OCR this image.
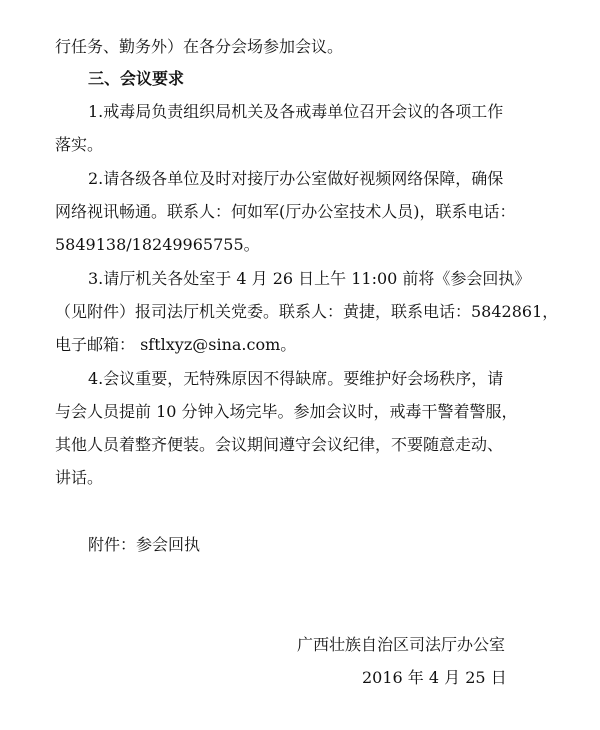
行任务、勤务外）在各分会场参加会议。
三、会议要求
1.戒毒局负责组织局机关及各戒毒单位召开会议的各项工作
落实。
2.请各级各单位及时对接厅办公室做好视频网络保障，确保
网络视讯畅通。联系人：何如军(厅办公室技术人员)，联系电话：
5849138/18249965755。
3.请厅机关各处室于 4 月 26 日上午 11:00 前将《参会回执》
（见附件）报司法厅机关党委。联系人：黄捷，联系电话：5842861，
电子邮箱： sftlxyz@sina.com。
4.会议重要，无特殊原因不得缺席。要维护好会场秩序，请
与会人员提前 10 分钟入场完毕。参加会议时，戒毒干警着警服，
其他人员着整齐便装。会议期间遵守会议纪律，不要随意走动、
讲话。
附件：参会回执
广西壮族自治区司法厅办公室
2016 年 4 月 25 日
